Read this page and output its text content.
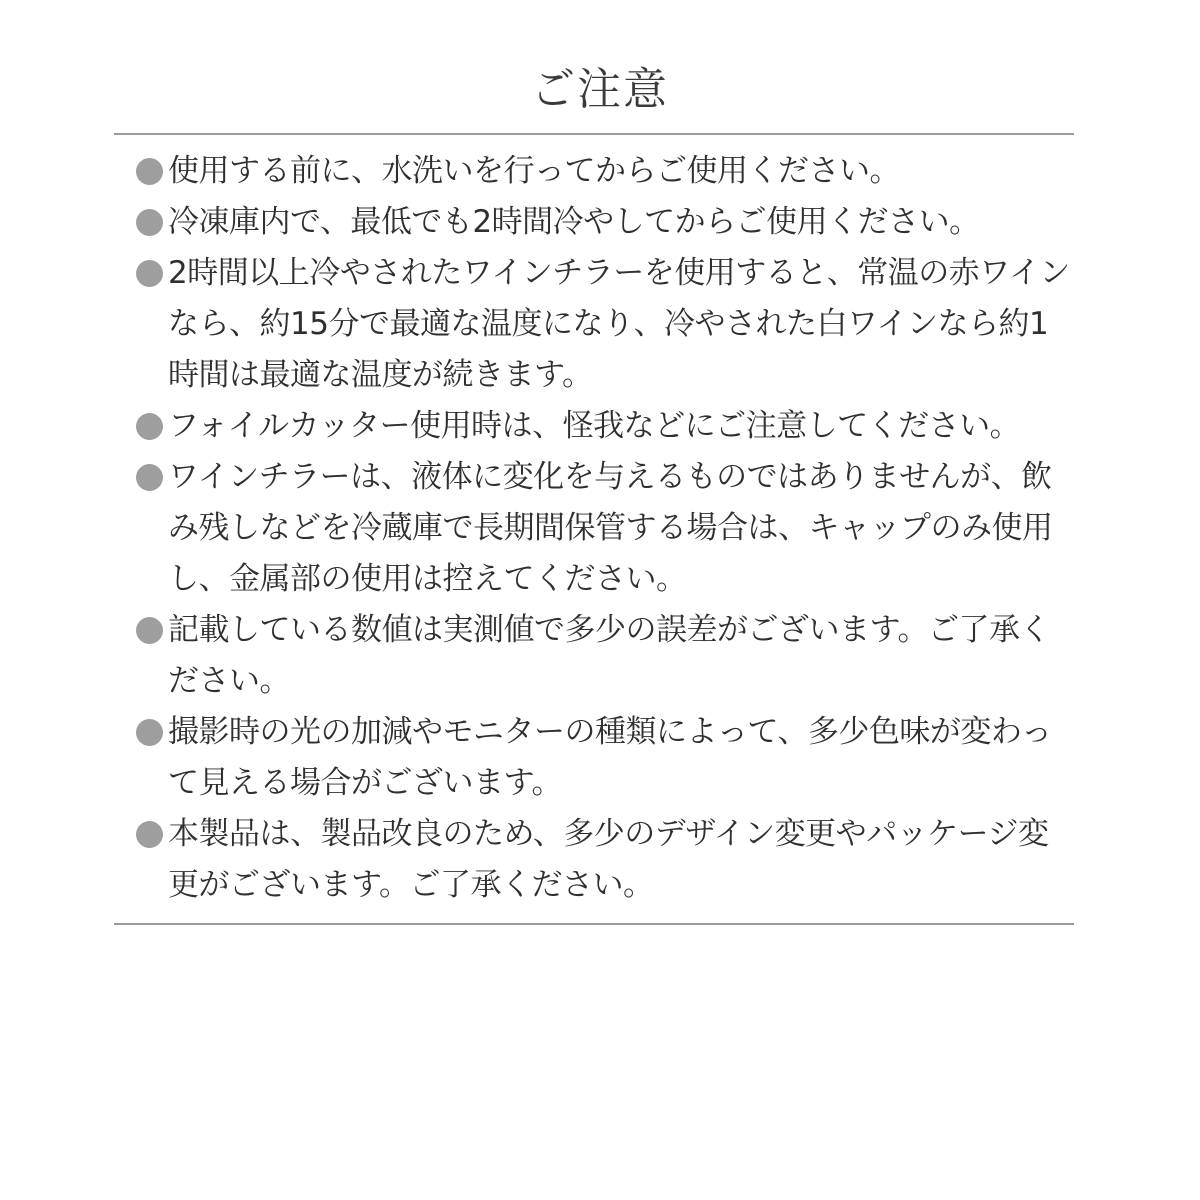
ご注意
使用する前に、水洗いを行ってからご使用ください。
冷凍庫内で、最低でも2時間冷やしてからご使用ください。
2時間以上冷やされたワインチラーを使用すると、常温の赤ワインなら、約15分で最適な温度になり、冷やされた白ワインなら約1時間は最適な温度が続きます。
フォイルカッター使用時は、怪我などにご注意してください。
ワインチラーは、液体に変化を与えるものではありませんが、飲み残しなどを冷蔵庫で長期間保管する場合は、キャップのみ使用し、金属部の使用は控えてください。
記載している数値は実測値で多少の誤差がございます。ご了承ください。
撮影時の光の加減やモニターの種類によって、多少色味が変わって見える場合がございます。
本製品は、製品改良のため、多少のデザイン変更やパッケージ変更がございます。ご了承ください。
